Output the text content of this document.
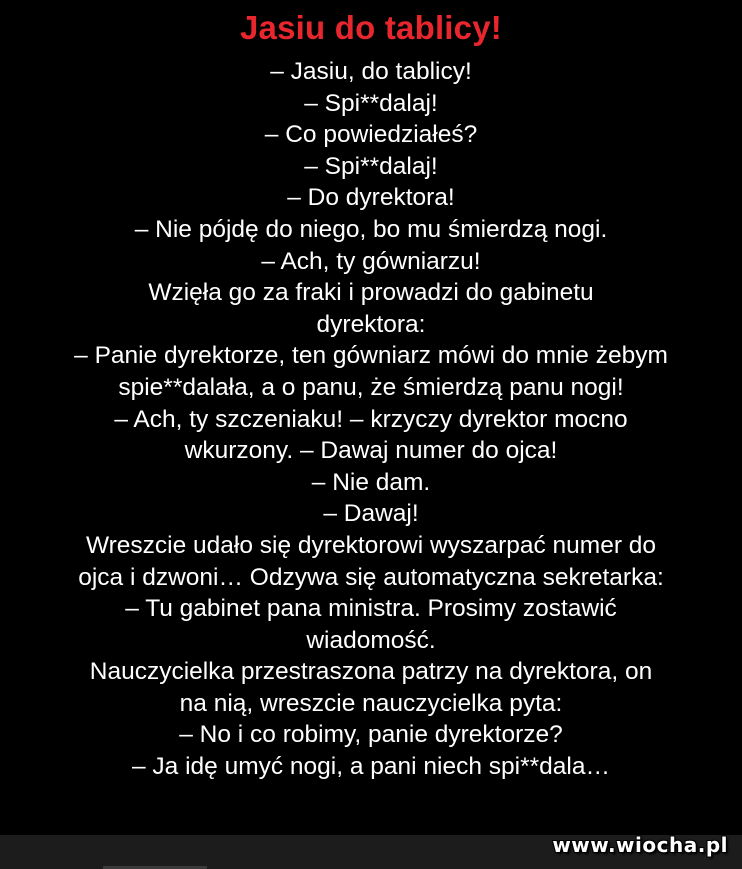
Jasiu do tablicy!
– Jasiu, do tablicy!
– Spi**dalaj!
– Co powiedziałeś?
– Spi**dalaj!
– Do dyrektora!
– Nie pójdę do niego, bo mu śmierdzą nogi.
– Ach, ty gówniarzu!
Wzięła go za fraki i prowadzi do gabinetu
dyrektora:
– Panie dyrektorze, ten gówniarz mówi do mnie żebym
spie**dalała, a o panu, że śmierdzą panu nogi!
– Ach, ty szczeniaku! – krzyczy dyrektor mocno
wkurzony. – Dawaj numer do ojca!
– Nie dam.
– Dawaj!
Wreszcie udało się dyrektorowi wyszarpać numer do
ojca i dzwoni… Odzywa się automatyczna sekretarka:
– Tu gabinet pana ministra. Prosimy zostawić
wiadomość.
Nauczycielka przestraszona patrzy na dyrektora, on
na nią, wreszcie nauczycielka pyta:
– No i co robimy, panie dyrektorze?
– Ja idę umyć nogi, a pani niech spi**dala…
www.wiocha.pl
